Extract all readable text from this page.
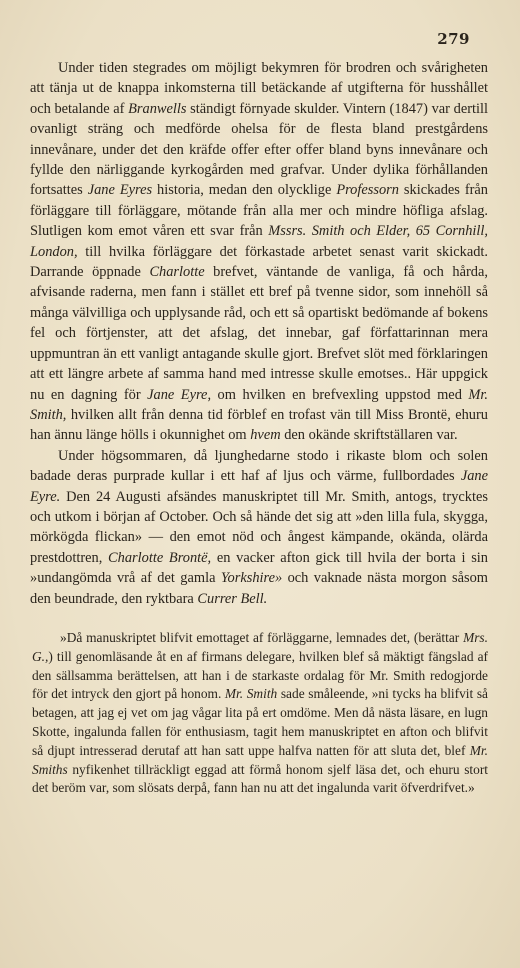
279

Under tiden stegrades om möjligt bekymren för brodren och svårigheten att tänja ut de knappa inkomsterna till betäckande af utgifterna för husshållet och betalande af Branwells ständigt förnyade skulder. Vintern (1847) var dertill ovanligt sträng och medförde ohelsa för de flesta bland prestgårdens innevånare, under det den kräfde offer efter offer bland byns innevånare och fyllde den närliggande kyrkogården med grafvar. Under dylika förhållanden fortsattes Jane Eyres historia, medan den olycklige Professorn skickades från förläggare till förläggare, mötande från alla mer och mindre höfliga afslag. Slutligen kom emot våren ett svar från Mssrs. Smith och Elder, 65 Cornhill, London, till hvilka förläggare det förkastade arbetet senast varit skickadt. Darrande öppnade Charlotte brefvet, väntande de vanliga, få och hårda, afvisande raderna, men fann i stället ett bref på tvenne sidor, som innehöll så många välvilliga och upplysande råd, och ett så opartiskt bedömande af bokens fel och förtjenster, att det afslag, det innebar, gaf författarinnan mera uppmuntran än ett vanligt antagande skulle gjort. Brefvet slöt med förklaringen att ett längre arbete af samma hand med intresse skulle emotses.. Här uppgick nu en dagning för Jane Eyre, om hvilken en brefvexling uppstod med Mr. Smith, hvilken allt från denna tid förblef en trofast vän till Miss Brontë, ehuru han ännu länge hölls i okunnighet om hvem den okände skriftställaren var.

Under högsommaren, då ljunghedarne stodo i rikaste blom och solen badade deras purprade kullar i ett haf af ljus och värme, fullbordades Jane Eyre. Den 24 Augusti afsändes manuskriptet till Mr. Smith, antogs, trycktes och utkom i början af October. Och så hände det sig att »den lilla fula, skygga, mörkögda flickan» — den emot nöd och ångest kämpande, okända, olärda prestdottren, Charlotte Brontë, en vacker afton gick till hvila der borta i sin »undangömda vrå af det gamla Yorkshire» och vaknade nästa morgon såsom den beundrade, den ryktbara Currer Bell.

»Då manuskriptet blifvit emottaget af förläggarne, lemnades det, (berättar Mrs. G.,) till genomläsande åt en af firmans delegare, hvilken blef så mäktigt fängslad af den sällsamma berättelsen, att han i de starkaste ordalag för Mr. Smith redogjorde för det intryck den gjort på honom. Mr. Smith sade småleende, »ni tycks ha blifvit så betagen, att jag ej vet om jag vågar lita på ert omdöme. Men då nästa läsare, en lugn Skotte, ingalunda fallen för enthusiasm, tagit hem manuskriptet en afton och blifvit så djupt intresserad derutaf att han satt uppe halfva natten för att sluta det, blef Mr. Smiths nyfikenhet tillräckligt eggad att förmå honom sjelf läsa det, och ehuru stort det beröm var, som slösats derpå, fann han nu att det ingalunda varit öfverdrifvet.»
